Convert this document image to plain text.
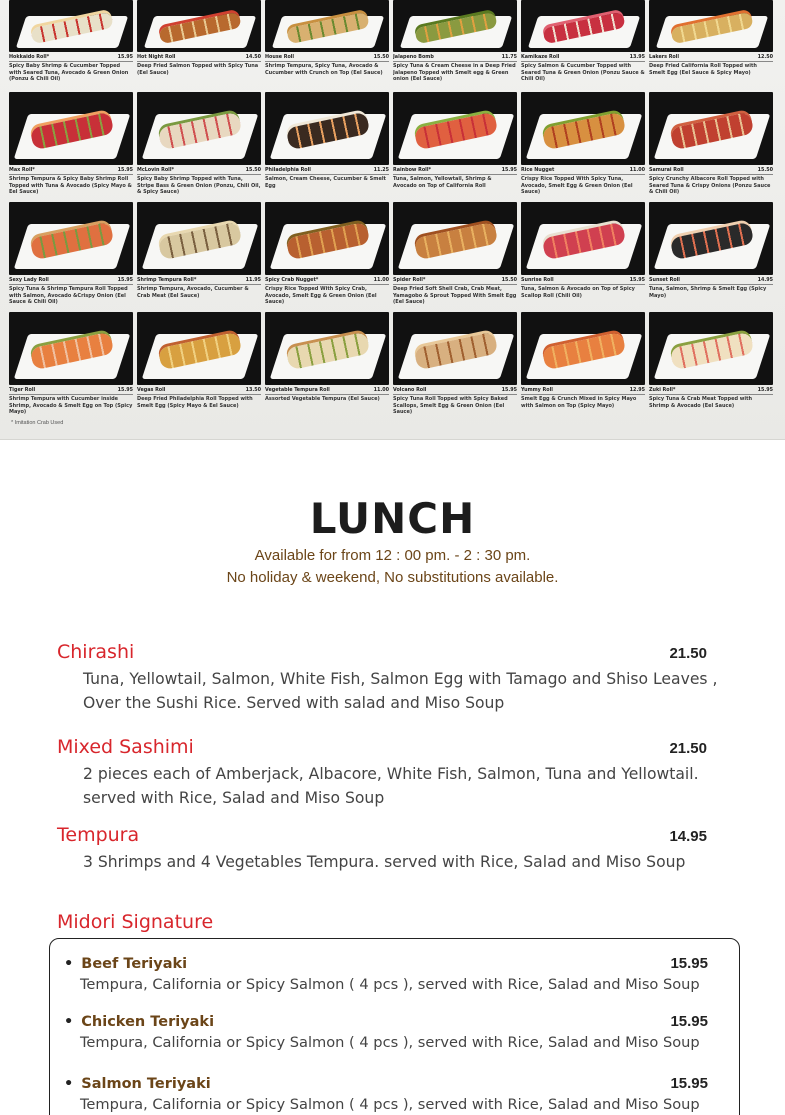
Hokkaido Roll*	15.95
Spicy Baby Shrimp & Cucumber Topped with Seared Tuna, Avocado & Green Onion (Ponzu & Chili Oil)
Hot Night Roll	14.50
Deep Fried Salmon Topped with Spicy Tuna (Eel Sauce)
House Roll	15.50
Shrimp Tempura, Spicy Tuna, Avocado & Cucumber with Crunch on Top (Eel Sauce)
Jalapeno Bomb	11.75
Spicy Tuna & Cream Cheese in a Deep Fried Jalapeno Topped with Smelt egg & Green onion (Eel Sauce)
Kamikaze Roll	13.95
Spicy Salmon & Cucumber Topped with Seared Tuna & Green Onion (Ponzu Sauce & Chili Oil)
Lakers Roll	12.50
Deep Fried California Roll Topped with Smelt Egg (Eel Sauce & Spicy Mayo)
Max Roll*	15.95
Shrimp Tempura & Spicy Baby Shrimp Roll Topped with Tuna & Avocado (Spicy Mayo & Eel Sauce)
McLovin Roll*	15.50
Spicy Baby Shrimp Topped with Tuna, Stripe Bass & Green Onion (Ponzu, Chili Oil, & Spicy Sauce)
Philadelphia Roll	11.25
Salmon, Cream Cheese, Cucumber & Smelt Egg
Rainbow Roll*	15.95
Tuna, Salmon, Yellowtail, Shrimp & Avocado on Top of California Roll
Rice Nugget	11.00
Crispy Rice Topped With Spicy Tuna, Avocado, Smelt Egg & Green Onion (Eel Sauce)
Samurai Roll	15.50
Spicy Crunchy Albacore Roll Topped with Seared Tuna & Crispy Onions (Ponzu Sauce & Chili Oil)
Sexy Lady Roll	15.95
Spicy Tuna & Shrimp Tempura Roll Topped with Salmon, Avocado &Crispy Onion (Eel Sauce & Chili Oil)
Shrimp Tempura Roll*	11.95
Shrimp Tempura, Avocado, Cucumber & Crab Meat (Eel Sauce)
Spicy Crab Nugget*	11.00
Crispy Rice Topped With Spicy Crab, Avocado, Smelt Egg & Green Onion (Eel Sauce)
Spider Roll*	15.50
Deep Fried Soft Shell Crab, Crab Meat, Yamagobo & Sprout Topped With Smelt Egg (Eel Sauce)
Sunrise Roll	15.95
Tuna, Salmon & Avocado on Top of Spicy Scallop Roll (Chili Oil)
Sunset Roll	14.95
Tuna, Salmon, Shrimp & Smelt Egg (Spicy Mayo)
Tiger Roll	15.95
Shrimp Tempura with Cucumber inside Shrimp, Avocado & Smelt Egg on Top (Spicy Mayo)
Vegas Roll	13.50
Deep Fried Philadelphia Roll Topped with Smelt Egg (Spicy Mayo & Eel Sauce)
Vegetable Tempura Roll	11.00
Assorted Vegetable Tempura (Eel Sauce)
Volcano Roll	15.95
Spicy Tuna Roll Topped with Spicy Baked Scallops, Smelt Egg & Green Onion (Eel Sauce)
Yummy Roll	12.95
Smelt Egg & Crunch Mixed in Spicy Mayo with Salmon on Top (Spicy Mayo)
Zuki Roll*	15.95
Spicy Tuna & Crab Meat Topped with Shrimp & Avocado (Eel Sauce)
* Imitation Crab Used
LUNCH
Available for from 12 : 00 pm. - 2 : 30 pm.
No holiday & weekend, No substitutions available.
Chirashi	21.50
Tuna, Yellowtail, Salmon, White Fish, Salmon Egg with Tamago and Shiso Leaves , Over the Sushi Rice. Served with salad and Miso Soup
Mixed Sashimi	21.50
2 pieces each of Amberjack, Albacore, White Fish, Salmon, Tuna and Yellowtail. served with Rice, Salad and Miso Soup
Tempura	14.95
3 Shrimps and 4 Vegetables Tempura. served with Rice, Salad and Miso Soup
Midori Signature
• Beef Teriyaki	15.95
Tempura, California or Spicy Salmon ( 4 pcs ), served with Rice, Salad and Miso Soup
• Chicken Teriyaki	15.95
Tempura, California or Spicy Salmon ( 4 pcs ), served with Rice, Salad and Miso Soup
• Salmon Teriyaki	15.95
Tempura, California or Spicy Salmon ( 4 pcs ), served with Rice, Salad and Miso Soup
